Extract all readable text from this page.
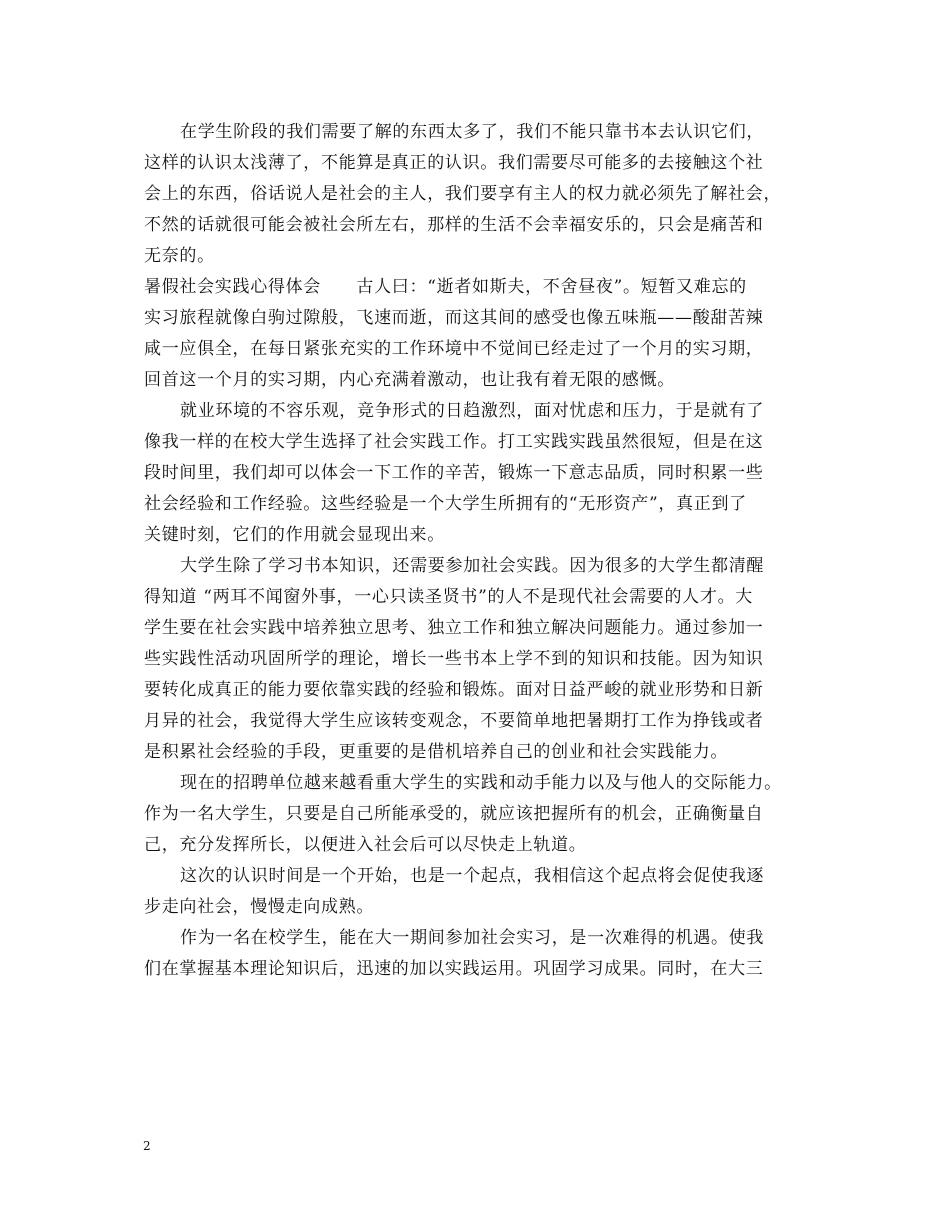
在学生阶段的我们需要了解的东西太多了，我们不能只靠书本去认识它们，
这样的认识太浅薄了，不能算是真正的认识。我们需要尽可能多的去接触这个社
会上的东西，俗话说人是社会的主人，我们要享有主人的权力就必须先了解社会，
不然的话就很可能会被社会所左右，那样的生活不会幸福安乐的，只会是痛苦和
无奈的。
暑假社会实践心得体会　　古人曰：“逝者如斯夫，不舍昼夜”。短暂又难忘的
实习旅程就像白驹过隙般，飞速而逝，而这其间的感受也像五味瓶——酸甜苦辣
咸一应俱全，在每日紧张充实的工作环境中不觉间已经走过了一个月的实习期，
回首这一个月的实习期，内心充满着激动，也让我有着无限的感慨。
就业环境的不容乐观，竞争形式的日趋激烈，面对忧虑和压力，于是就有了
像我一样的在校大学生选择了社会实践工作。打工实践实践虽然很短，但是在这
段时间里，我们却可以体会一下工作的辛苦，锻炼一下意志品质，同时积累一些
社会经验和工作经验。这些经验是一个大学生所拥有的“无形资产”，真正到了
关键时刻，它们的作用就会显现出来。
大学生除了学习书本知识，还需要参加社会实践。因为很多的大学生都清醒
得知道 “两耳不闻窗外事，一心只读圣贤书”的人不是现代社会需要的人才。大
学生要在社会实践中培养独立思考、独立工作和独立解决问题能力。通过参加一
些实践性活动巩固所学的理论，增长一些书本上学不到的知识和技能。因为知识
要转化成真正的能力要依靠实践的经验和锻炼。面对日益严峻的就业形势和日新
月异的社会，我觉得大学生应该转变观念，不要简单地把暑期打工作为挣钱或者
是积累社会经验的手段，更重要的是借机培养自己的创业和社会实践能力。
现在的招聘单位越来越看重大学生的实践和动手能力以及与他人的交际能力。
作为一名大学生，只要是自己所能承受的，就应该把握所有的机会，正确衡量自
己，充分发挥所长，以便进入社会后可以尽快走上轨道。
这次的认识时间是一个开始，也是一个起点，我相信这个起点将会促使我逐
步走向社会，慢慢走向成熟。
作为一名在校学生，能在大一期间参加社会实习，是一次难得的机遇。使我
们在掌握基本理论知识后，迅速的加以实践运用。巩固学习成果。同时，在大三
2
